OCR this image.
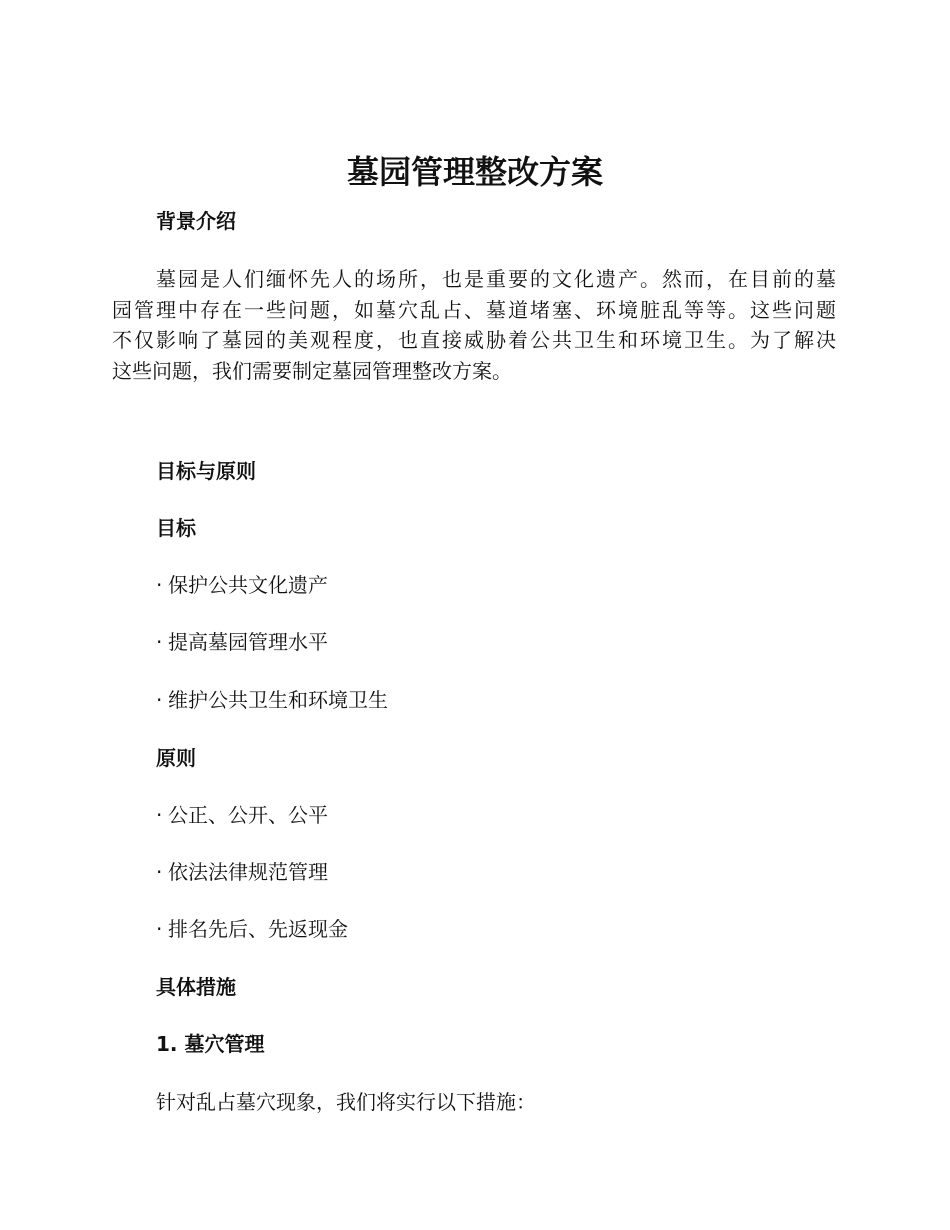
墓园管理整改方案
背景介绍
墓园是人们缅怀先人的场所，也是重要的文化遗产。然而，在目前的墓
园管理中存在一些问题，如墓穴乱占、墓道堵塞、环境脏乱等等。这些问题
不仅影响了墓园的美观程度，也直接威胁着公共卫生和环境卫生。为了解决
这些问题，我们需要制定墓园管理整改方案。
目标与原则
目标

· 保护公共文化遗产

· 提高墓园管理水平

· 维护公共卫生和环境卫生

原则

· 公正、公开、公平

· 依法法律规范管理

· 排名先后、先返现金

具体措施
1. 墓穴管理

针对乱占墓穴现象，我们将实行以下措施：
